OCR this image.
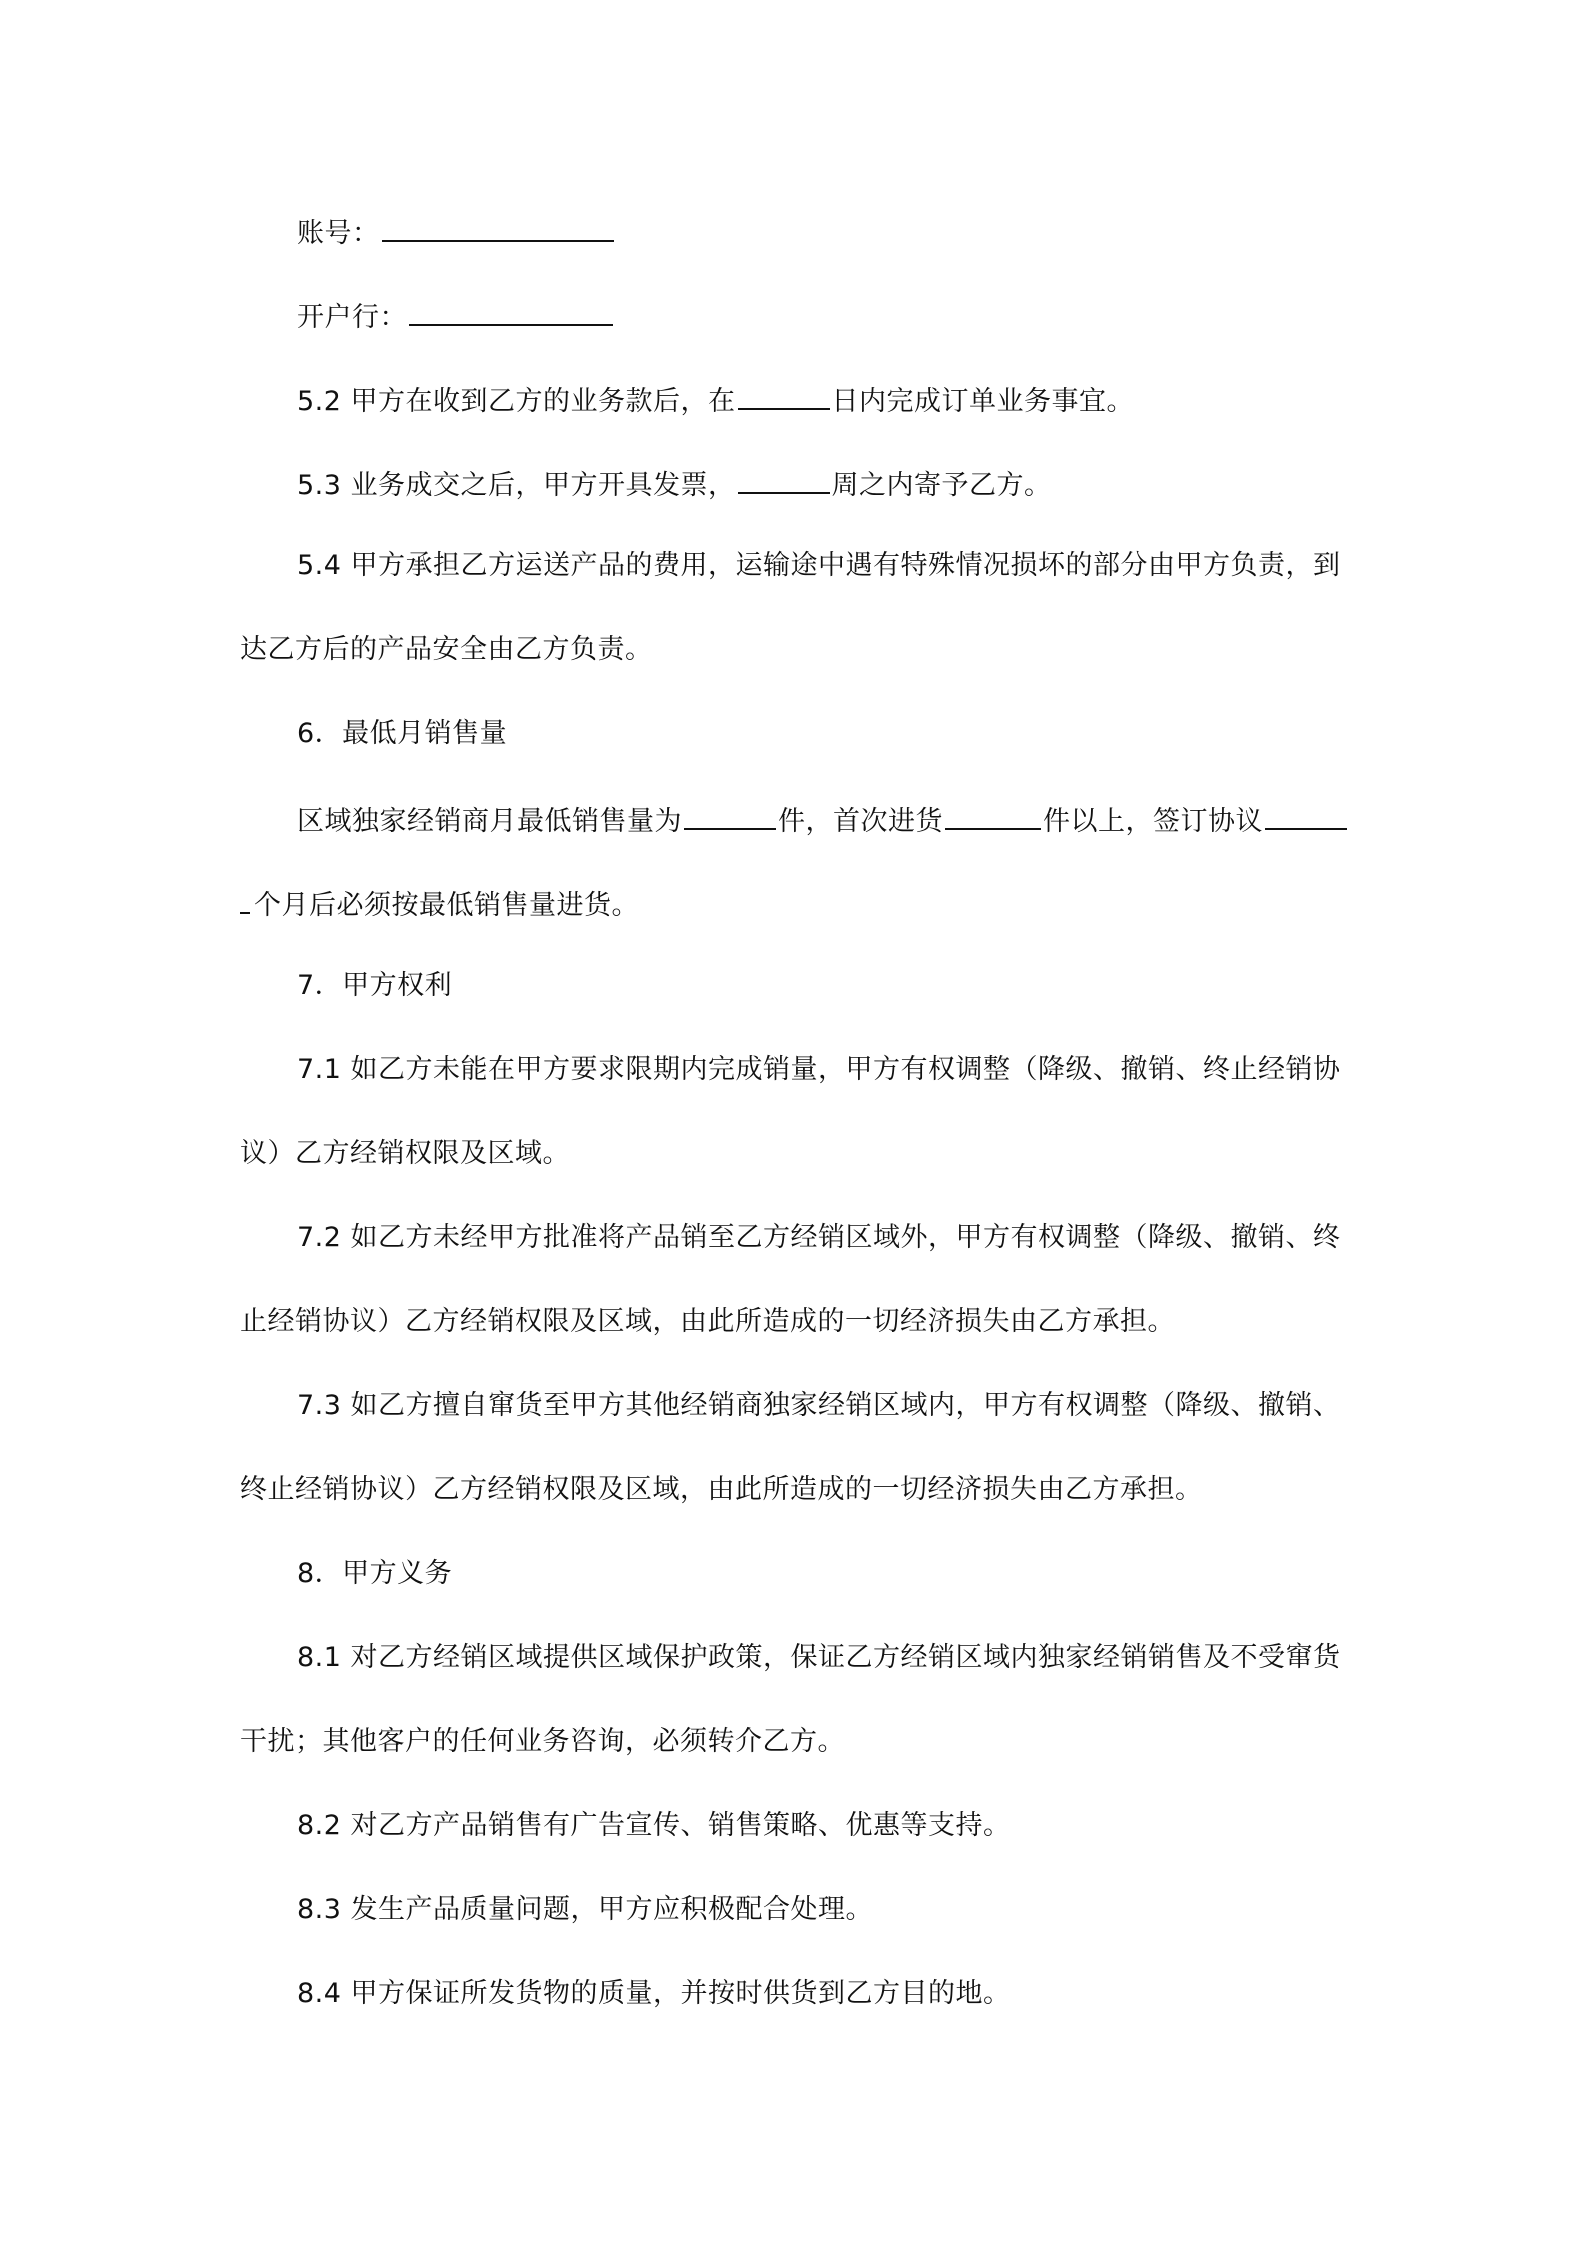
账号：
开户行：
5.2 甲方在收到乙方的业务款后，在	日内完成订单业务事宜。
5.3 业务成交之后，甲方开具发票，	周之内寄予乙方。
5.4 甲方承担乙方运送产品的费用，运输途中遇有特殊情况损坏的部分由甲方负责，到
达乙方后的产品安全由乙方负责。
6．最低月销售量
区域独家经销商月最低销售量为	件，首次进货	件以上，签订协议
个月后必须按最低销售量进货。
7．甲方权利
7.1 如乙方未能在甲方要求限期内完成销量，甲方有权调整（降级、撤销、终止经销协
议）乙方经销权限及区域。
7.2 如乙方未经甲方批准将产品销至乙方经销区域外，甲方有权调整（降级、撤销、终
止经销协议）乙方经销权限及区域，由此所造成的一切经济损失由乙方承担。
7.3 如乙方擅自窜货至甲方其他经销商独家经销区域内，甲方有权调整（降级、撤销、
终止经销协议）乙方经销权限及区域，由此所造成的一切经济损失由乙方承担。
8．甲方义务
8.1 对乙方经销区域提供区域保护政策，保证乙方经销区域内独家经销销售及不受窜货
干扰；其他客户的任何业务咨询，必须转介乙方。
8.2 对乙方产品销售有广告宣传、销售策略、优惠等支持。
8.3 发生产品质量问题，甲方应积极配合处理。
8.4 甲方保证所发货物的质量，并按时供货到乙方目的地。
